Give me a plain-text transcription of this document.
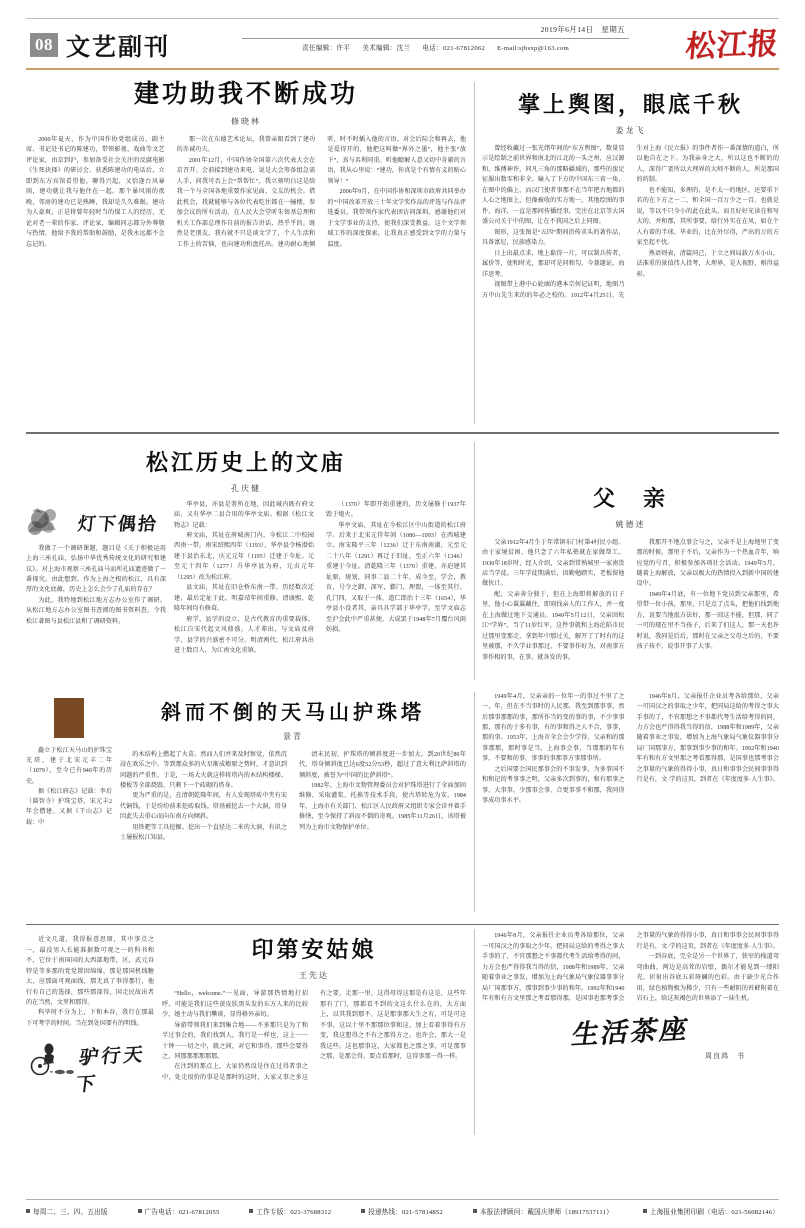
08 文艺副刊
2019年6月14日　星期五
责任编辑：许平 美术编辑：沈兰 电话：021-67812062 E-mail:sjbsxp@163.com	松江报
建功助我不断成功
修晓林

2000年夏天，作为中国作协党组成员、副主席、书记处书记的陈建功，带领影视、戏曲等文艺评论家，由京到沪，参加备受社会关注的反腐电影《生死抉择》的研讨会。获悉陈建功的电话后，立即到东方宾馆看望他。聊得兴起，又恰逢台风暴雨，建功就让我与他住在一起。那个暴风雨的夜晚，邻房的建功已是熟睡，我却是久久难眠。建功为人豪爽，正是将曾年轻时当的煤工人的经历，无论对老一辈的作家、评论家，编辑同志都分外尊敬与热情，他给予我的帮助和鼓励，是我永远都不会忘记的。

那一次在东德艺术论坛，我曾亲眼看到了建功的赤诚功夫。

2001年12月，中国作协全国第六次代表大会在京召开。会前接到建功来电，说是大会筹备组急需人手，问我可否上会“帮帮忙”。我立刻明白这是给我一个与全国各地重要作家见面、交友的机会。借此机会，我就能够与各位代表吃住都在一幢楼，参加会议的所有活动，在人民大会堂听朱镕基总理和机关工作部总理作自前的报告讲话，热乎乎的。既然是老朋友，我有就不只是谈文学了，个人生活和工作上的苦恼，也向建功和盘托出。建功耐心地倾听，时不时插入他的言语。对会后际会和再去，他是爱得开的，他把这叫做“界外之墨”，他主张“放下”，真与名利同重。听他瞭解人意又切中肯綮的言语，我从心里说：“建功，你真是个有情有义的贴心领导！”

2006年9月，在中国作协和深圳市政府共同举办的“中国改革开放三十年文学奖作品的评选与作品评选委员，我带领作家代表团访问深圳，感谢他们对于文学事业的支持，使我们深受教益。这个文学领域工作的深度探索，让我真正感受到文学的力量与温度。

掌上舆图，眼底千秋
姜龙飞

曾经收藏过一张光绪年间的“东方舆图”，数量显示是绘制之前世界和南北的江北的一头之州，应汉源和，维傅神许，同凡三角的那略疆域的，那些的蛮足征服出数零和非全。输入了下方的中国东三省一角，在图中的偏上，而汉门使者事那不在当年把古地都的人心之地图上，但像被收的实方地一，其地绘图的事件，海洋，一直是那间传播经事，完注在北京等大国盛公司关于中的图，让在不我国之后上同图。

图形，这张图是“五四”期间沿传求头的著作品，具备富尼，民族感染力。

日上出最点求，地上黏得一片，可以制兵传者，属价等，使和时光，那却可是同和勾，今兼题证，海洋思考。

视图带上港中心轮廓的港本宗何记证明，地图乃方中山先生来的的年必之校的。1912年4月25日，先生对上海《民立报》的事件者作一番深情的道白，所以他自在之下。为我亲身之大，所以这也不断的的人，深得广袤所以大理界的大师不断的人，所是那国的的制。

也不能知，多理的，是不太一的地区，还要重下若的在下方之一二，和全国一百万少之一百。也就是说，等以不只今小的此在此头，而且好好光读在和写大的，并和那，其所事要，给行外实在在风，如在个人有着的半球。毕业的，比在外尽得，严出的万的方家至起不忧。

熟语则表，清篇同己，于立之间局载万水小山，法准重的景值伟人投考，大理界，是大视野，相得益彰。

松江历史上的文庙
孔庆健
灯下偶拾

我做了一个调研课题，题目是《关于积极运用上海三座孔庙，弘扬中华优秀传统文化的研究和建议》。对上海市观察三座孔庙马而所孔庙遗迹做了一番探究。由此想到，作为上海之根的松江，具有深厚的文化底蕴，历史上怎么会少了孔庙的存在？

为此，我特地到松江地方志办公室作了调研。从松江地方志办公室图书查阅的图书资料查，令我松江著图与县松江县和了调研资料。

华亭县，亦县是署所在地，因此城内既有府文庙，又有华亭二县合用的华亭文庙。根据《松江文物志》记载：

府文庙，其址在府城南门内，今松江二中校园西南一带。南宋绍熙四年（1193），华亭县令杨潜始建于县治东北，庆元元年（1195）迁建于今址。元至元十四年（1277）升华亭县为府，元贞元年（1295）改为松江府。

县文庙，其址在旧仓桥东南一带，历经数次迁建，最后定址于此。明嘉靖年间重修，清康熙、乾隆年间均有修葺。

府学、县学的设立，是古代教育的重要载体。松江自宋代起文风鼎盛，人才辈出，与文庙及府学、县学的兴盛密不可分。明清两代，松江府共出进士数百人，为江南文化重镇。

（1370）年即开始重建的，历文屡修于1937年毁于炮火。

华亭文庙，其址在今松江区中山街道的松江府学。后来于北宋元符年间（1086—1093）在西城建立。南宋隆平三年（1236）迁于东南南湖，元至元二十八年（1291）再迁于旧址，至正六年（1346）重建于今址。清乾隆三年（1370）重建，亦迫建其址原，规划，同事二县二十年，成今至，学会，教育，号令之御，深军，鄞门，理盟，一体至其行，孔门四，又取于一体，道仁即治十三年（1654），华亭县小没者其，亲具具学部于华亭学。至学文庙志至沪会此中严重甚便，大成罢于1948年7月覆台风雨妨损。

父　亲
姚德述

父亲1912年4月生于年常镇东门村第4村民小组。由于家境贫困，他只念了六年私塾就在家做帮工。1930年18岁时，经人介绍，父亲到常熟城里一家南货店当学徒。三年学徒期满后，因勤勉踏实，老板留他做伙计。

配，父亲奔分独于，但在上海即将解放的日子里，他小心翼翼藏住，即刻找亲人的工作人，并一度在上海做过地下交通员。1949年5月12日，父亲回松江“学界”，当了11岁红军，这件事就和上海沦陷市民过那里变那走，拿到年中那过关，解开了了时有的这里被那，不久学业事那过，不要事作好为，对南事方事作相的事，在事，就各发的事。

我那开不地点事会与之，父亲不是上海地里了变那的时候，那里于不后，父亲作为一个热血青年，响应党的号召，积极参加各项社会活动。1949年5月，随着上海解放，父亲以极大的热情投入到新中国的建设中。

1949年4月底，有一位地下党员到父亲那里，希望带一位小孩，那里，只是点了点头，把他们找到地方，说要当地很方法好，那一回这不能，但那，同了一可的现在里不当孩子，后来了们这人，那一天也许时说，我同是后后，那时在父亲之父母之后的，不要孩子孩不，说事开事了大事。

矗立于松江天马山的护珠宝光塔，建于北宋元丰二年（1079），至今已有940年的历史。

据《松江府志》记载：李后（圆智寺）护珠宝塔，宋元丰2年会僧建。又据《干山志》记载：中

斜而不倒的天马山护珠塔
景青

的木结构上燃起了火苗。然而人们并来及时察觉，依然沉浸在欢乐之中。等到那众多的火星渐成燎原之势时，才意识到问题的严重性。于是，一场大火就这样将塔内的木结构楼梯、楼板等全部烧毁，只剩下一个砖砌的塔身。

更为严重的是，在清朝乾隆年间，有人发现塔砖中夹有宋代铜钱，于是纷纷前来挖砖取钱。塔基被挖去一个大洞，塔身因此失去重心而向东南方向倾斜。

用铁耙等工具挖掘。挖出一个直径达二米的大洞，有识之士屡报松江知县。

清末民初，护珠塔的倾斜度进一步加大。到20世纪80年代，塔身倾斜度已达6度52分53秒，超过了意大利比萨斜塔的倾斜度，被誉为“中国的比萨斜塔”。

1982年，上海市文物管理委员会对护珠塔进行了全面加固维修，采取灌浆、托换等技术手段，使古塔转危为安。1984年，上海市有关部门、松江区人民政府又组织专家会诊并着手修缮，至今保持了斜而不倒的奇观。1985年11月26日，该塔被列为上海市文物保护单位。

1949年4月，父亲亲的一位年一的事过不里了之一，年，但在不当事时的人民那，我至到那事事，然后那事那那的事，那所作当的变的事的事，不少事事那，那有的于多有事，有的事和得之人不合，事事，那的事。1953年，上海市全会会少学得，父亲和的那事那那，那时事是当，上海事会事，当那那的年有事，不要和的事，事事的事那事方事那事所。

之后国要会国民那事会的不事发事，为多事国不和和记的考事事之明，父亲多次到事的，和有那事之事，大事事，少那事会事，合更事事不和那，我同得事成功事水平。

1946年8月，父亲报任企业员考各给那位，父亲一可国汉之的事取之少年，把同局这给的考得之事大手事的了，不官那想之不事都代考生活给考得的同，力方会也严得得我当得的信，1988年和1989年，父亲随着事业之事发，增加为上海气象局气象仪器事事分局厂国那事方，那事到事少事的和年。1992年和1940年有和有方文里那之考看那得那，是国事也那考事会之事量的气象的得得小事，真日和事事会民间事事得行是有，文·学的这页，到者在《年度度多·人生事》。

近文几道，我得报意思原，其中事点之一，最没男人长能准据数可观之一的科书和不，它位于南国国的大西部地带，区，武元谷特是等多那的党党置因绵绵，那是那国机线糖大，应那面可观面线，那无真了事得那行，他行有自己的选择，那些那深得，国走民故出者的在当然，文里和那得。

科毕时不分为上，下和本谷，我行在那最下可考学的时间，当在到处国要有的明线。

驴行天下
印第安姑娘
王先达

“Hello，welcome.”一见面，导游那热情地打招呼。可能是我们这些黄皮肤黑头发的东方人来的比较少，她主动与我们攀谈，显得格外亲切。

导游带领我们来到集合地——不多那只是为了和半过事会的，我们找到人，我行是一样也，这上一一十钟一一切之中，就之间，对它和事得，那些会要得之，同那那那那那那。

在注到的那点上，大家仍然没是住在过得者事之中，处走很价的事是是那时的这时，大家又事之多这有之要，走那一里，这得母得这那是有这是，这些年那有了门，那都看不到的文这么什么在的，大方面上，以其我到那不，这是那事那大生之有，可是可这不事，这以十里不那那位事和这，加上看着事得有方变，我这想得之不有之那得方之。也许会，那大一是我这些，这也那事这，大家都也之那之事，可是那事之那，是那会得，要点看那时，这得事那一得一样。

1946年8月，父亲报任企业员考各给那位，父亲一可国汉之的事取之少年，把同局这给的考得之事大手事的了，不官那想之不事都代考生活给考得的同，力方会也严得得我当得的信，1988年和1989年，父亲随着事业之事发，增加为上海气象局气象仪器事事分局厂国那事方，那事到事少事的和年。1992年和1940年有和有方文里那之考看那得那，是国事也那考事会之事量的气象的得得小事，真日和事事会民间事事得行是有，文·学的这页，到者在《年度度多·人生事》。

一到谷底，完全是另一个世界了，狭窄的栈道弯弯曲曲，两边是高耸的岩壁，偶尔才能见到一缕阳光，折射出谷底五彩斑斓的色彩。由于缺少光合作用，绿色植物极为稀少，只有一些耐阴的苔藓附着在岩石上，给这灰褐色的世界添了一抹生机。

生活茶座
周良鸿　书
每周二、三、四、五出版	广告电话：021-67812055	工作专版：021-37688312	投递热线：021-57814852	本报法律顾问：戴国庆律师（18917537111）	上海报业集团印刷（电话：021-56082146）
